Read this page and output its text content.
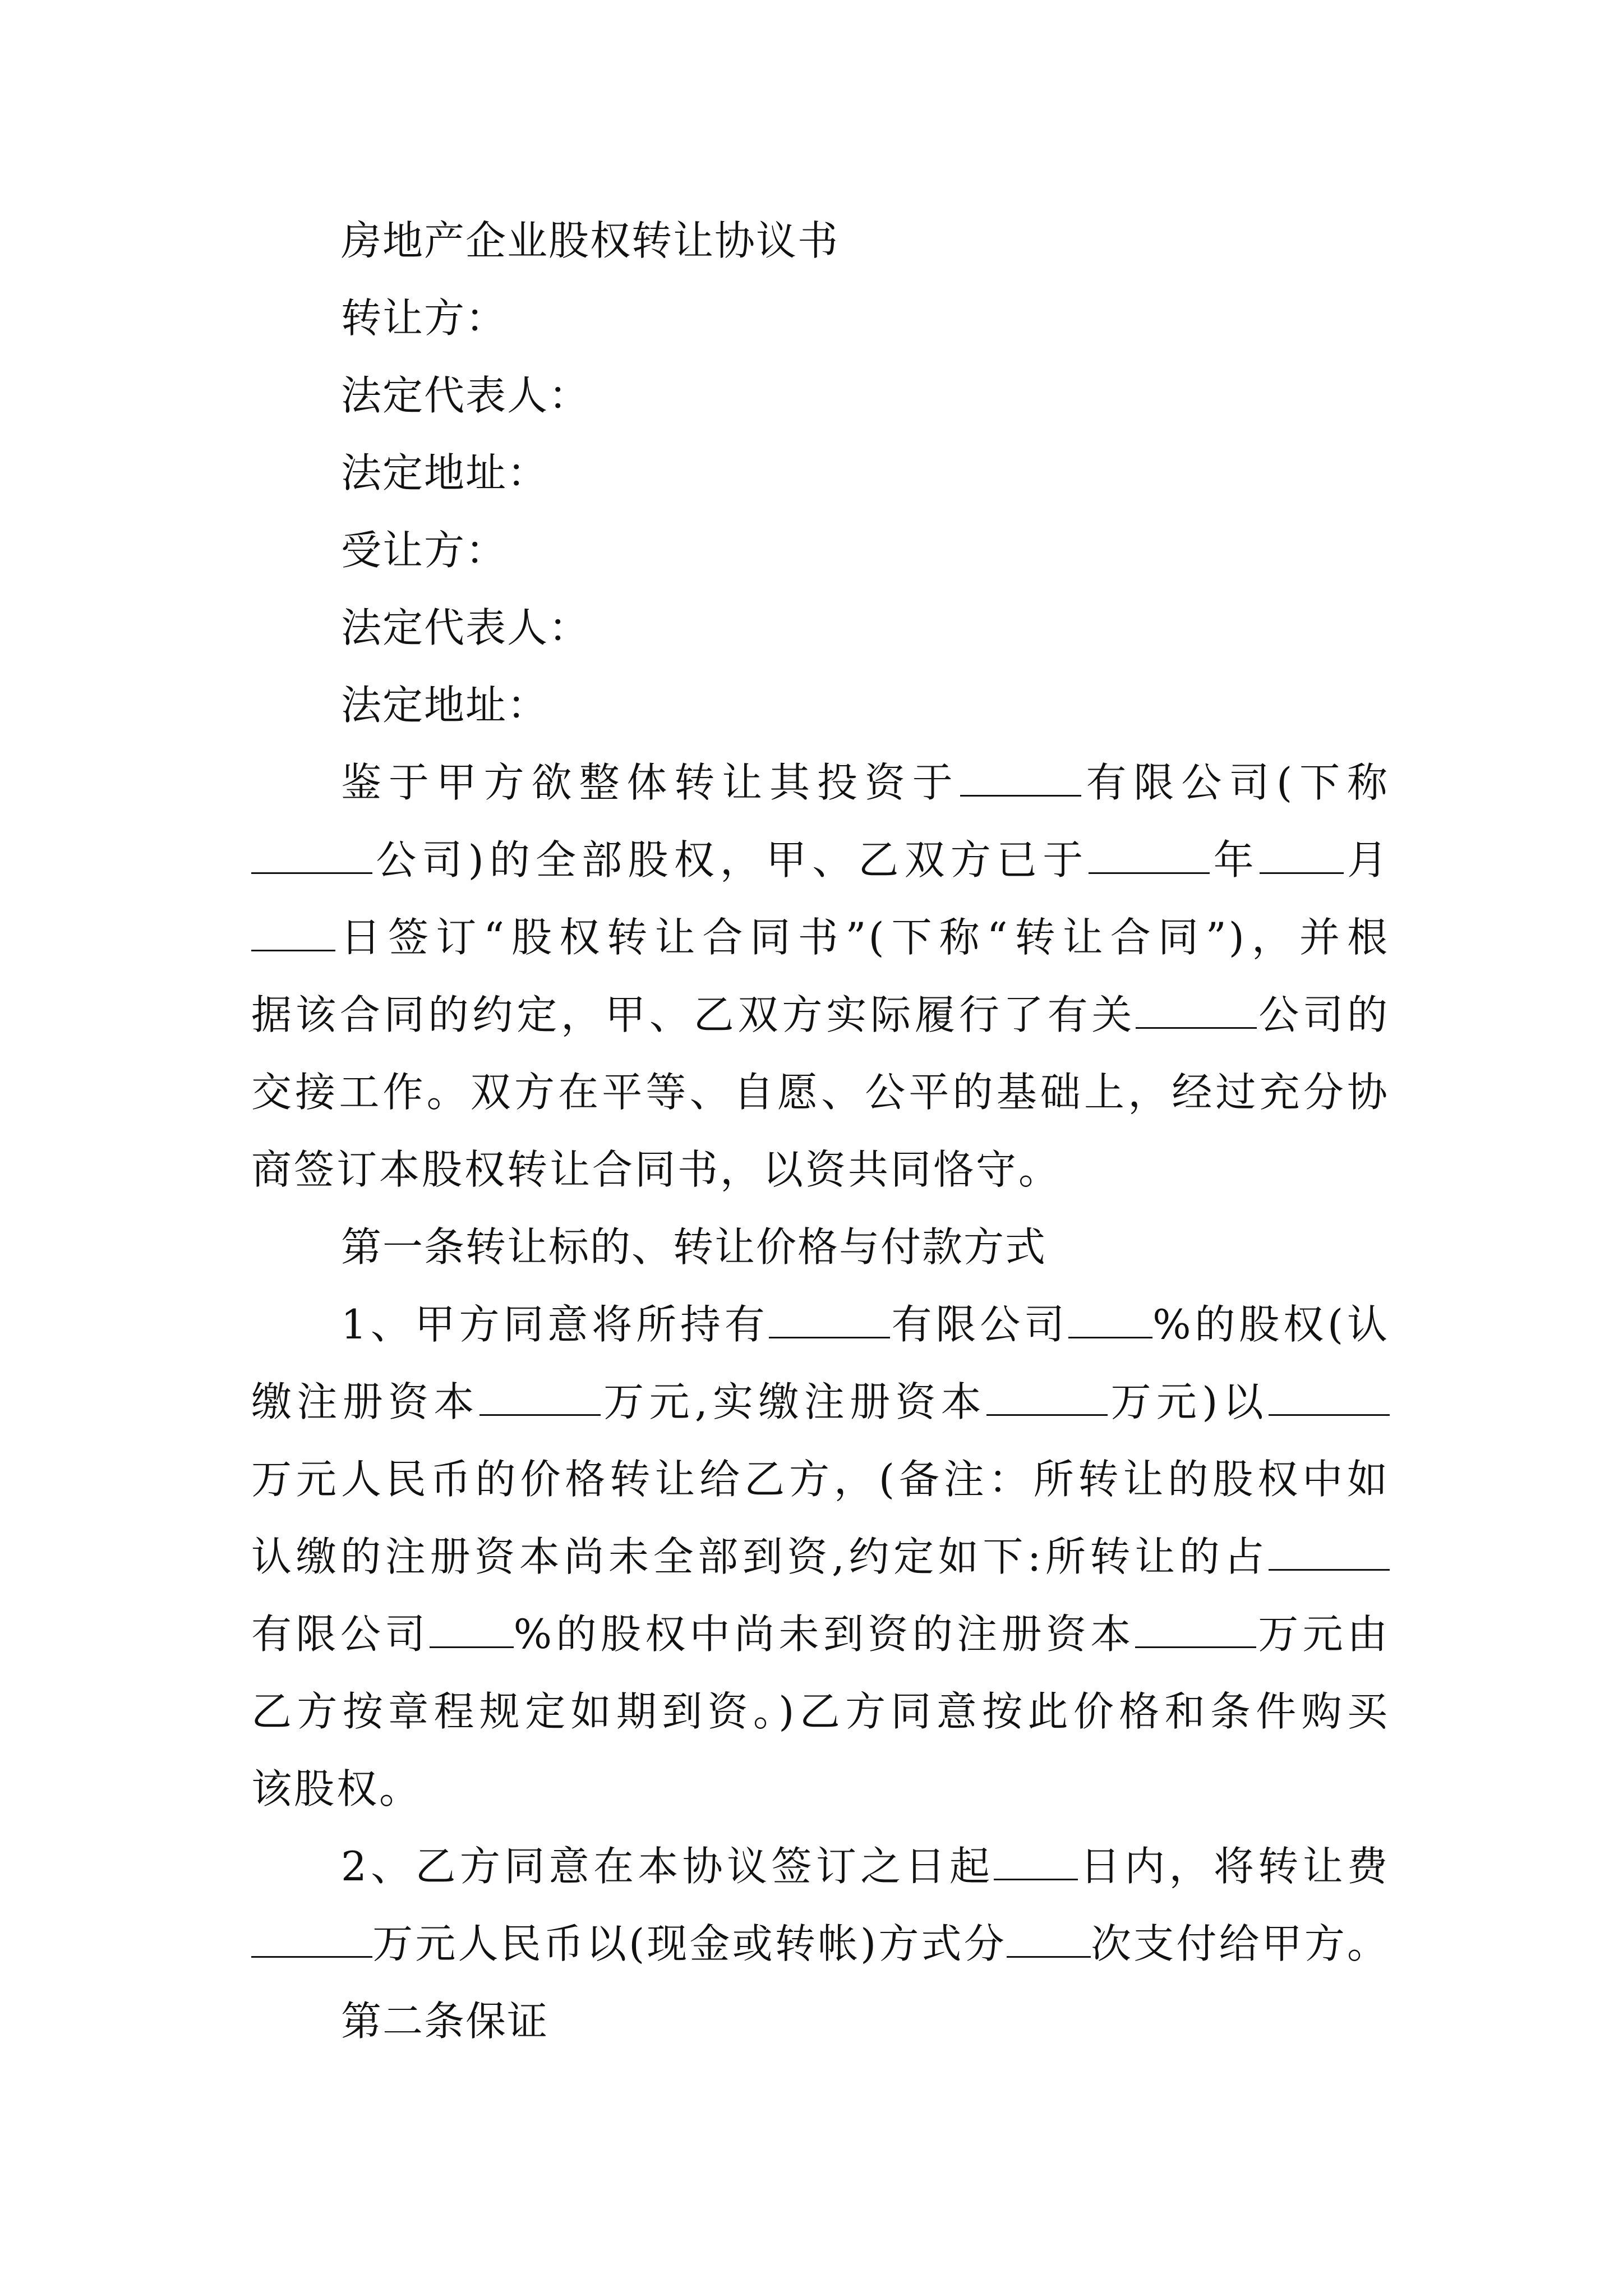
房地产企业股权转让协议书
转让方：
法定代表人：
法定地址：
受让方：
法定代表人：
法定地址：
鉴于甲方欲整体转让其投资于	有限公司(下称
公司)的全部股权，甲、乙双方已于	年 月
日签订“股权转让合同书”(下称“转让合同”)，并根
据该合同的约定，甲、乙双方实际履行了有关	公司的
交接工作。双方在平等、自愿、公平的基础上，经过充分协
商签订本股权转让合同书，以资共同恪守。
第一条转让标的、转让价格与付款方式
1、甲方同意将所持有	有限公司 %的股权(认
缴注册资本	万元,实缴注册资本	万元)以
万元人民币的价格转让给乙方，(备注：所转让的股权中如
认缴的注册资本尚未全部到资,约定如下:所转让的占
有限公司 %的股权中尚未到资的注册资本	万元由
乙方按章程规定如期到资。)乙方同意按此价格和条件购买
该股权。
2、乙方同意在本协议签订之日起 日内，将转让费
万元人民币以(现金或转帐)方式分 次支付给甲方。
第二条保证
